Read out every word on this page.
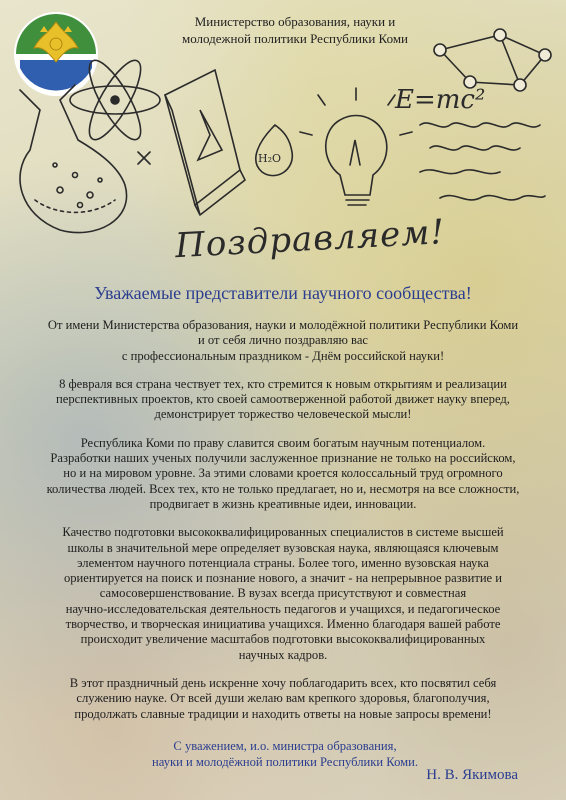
Министерство образования, науки и
молодежной политики Республики Коми
H₂O
E=mc²
Поздравляем!
Уважаемые представители научного сообщества!

От имени Министерства образования, науки и молодёжной политики Республики Коми
и от себя лично поздравляю вас
с профессиональным праздником - Днём российской науки!

8 февраля вся страна чествует тех, кто стремится к новым открытиям и реализации
перспективных проектов, кто своей самоотверженной работой движет науку вперед,
демонстрирует торжество человеческой мысли!

Республика Коми по праву славится своим богатым научным потенциалом.
Разработки наших ученых получили заслуженное признание не только на российском,
но и на мировом уровне. За этими словами кроется колоссальный труд огромного
количества людей. Всех тех, кто не только предлагает, но и, несмотря на все сложности,
продвигает в жизнь креативные идеи, инновации.

Качество подготовки высококвалифицированных специалистов в системе высшей
школы в значительной мере определяет вузовская наука, являющаяся ключевым
элементом научного потенциала страны. Более того, именно вузовская наука
ориентируется на поиск и познание нового, а значит - на непрерывное развитие и
самосовершенствование. В вузах всегда присутствуют и совместная
научно-исследовательская деятельность педагогов и учащихся, и педагогическое
творчество, и творческая инициатива учащихся. Именно благодаря вашей работе
происходит увеличение масштабов подготовки высококвалифицированных
научных кадров.

В этот праздничный день искренне хочу поблагодарить всех, кто посвятил себя
служению науке. От всей души желаю вам крепкого здоровья, благополучия,
продолжать славные традиции и находить ответы на новые запросы времени!

С уважением, и.о. министра образования,
науки и молодёжной политики Республики Коми.
Н. В. Якимова
